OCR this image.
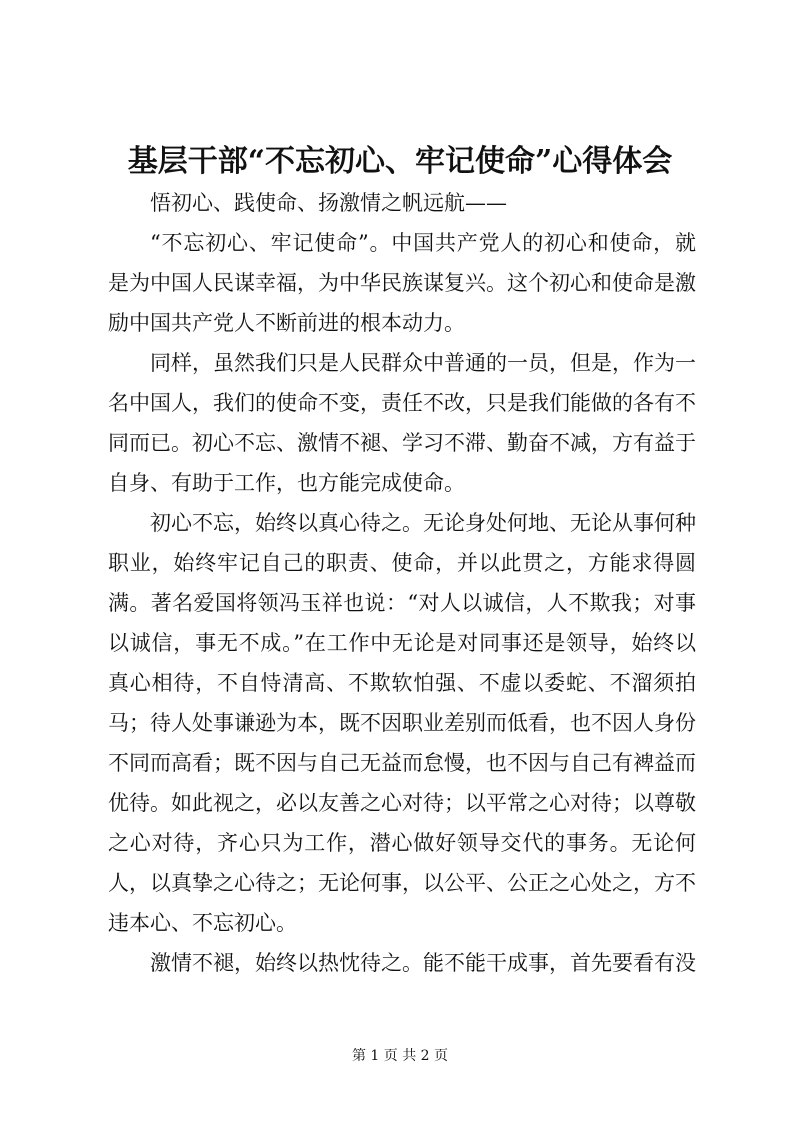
基层干部“不忘初心、牢记使命”心得体会

悟初心、践使命、扬激情之帆远航——

“不忘初心、牢记使命”。中国共产党人的初心和使命，就是为中国人民谋幸福，为中华民族谋复兴。这个初心和使命是激励中国共产党人不断前进的根本动力。

同样，虽然我们只是人民群众中普通的一员，但是，作为一名中国人，我们的使命不变，责任不改，只是我们能做的各有不同而已。初心不忘、激情不褪、学习不滞、勤奋不减，方有益于自身、有助于工作，也方能完成使命。

初心不忘，始终以真心待之。无论身处何地、无论从事何种职业，始终牢记自己的职责、使命，并以此贯之，方能求得圆满。著名爱国将领冯玉祥也说：“对人以诚信，人不欺我；对事以诚信，事无不成。”在工作中无论是对同事还是领导，始终以真心相待，不自恃清高、不欺软怕强、不虚以委蛇、不溜须拍马；待人处事谦逊为本，既不因职业差别而低看，也不因人身份不同而高看；既不因与自己无益而怠慢，也不因与自己有裨益而优待。如此视之，必以友善之心对待；以平常之心对待；以尊敬之心对待，齐心只为工作，潜心做好领导交代的事务。无论何人，以真挚之心待之；无论何事，以公平、公正之心处之，方不违本心、不忘初心。

激情不褪，始终以热忱待之。能不能干成事，首先要看有没

第 1 页 共 2 页
